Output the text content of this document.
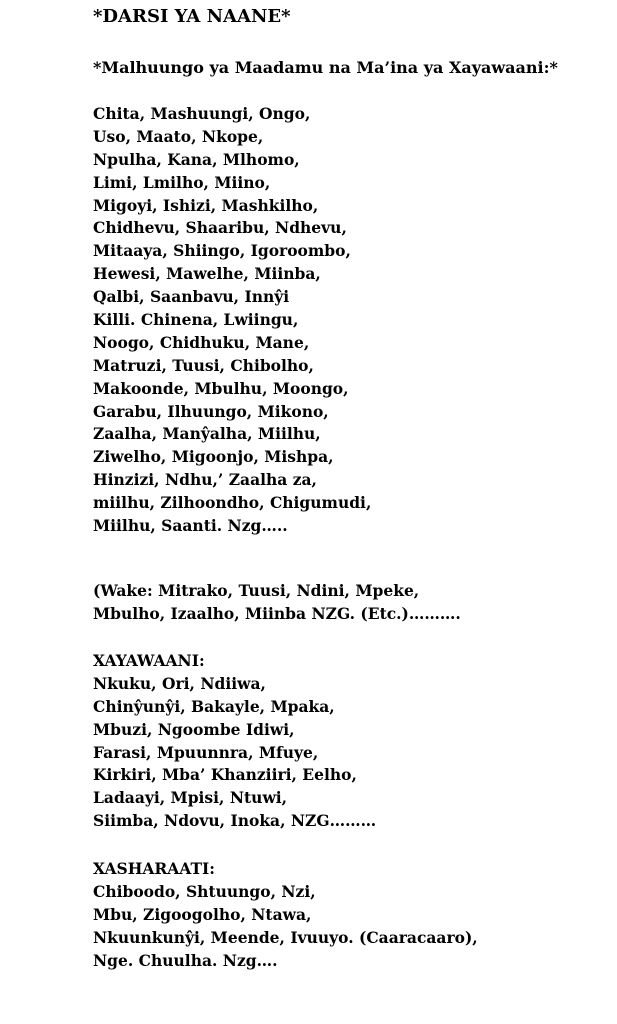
*DARSI YA NAANE*
*Malhuungo ya Maadamu na Ma’ina ya Xayawaani:*
Chita, Mashuungi, Ongo,
Uso, Maato, Nkope,
Npulha, Kana, Mlhomo,
Limi, Lmilho, Miino,
Migoyi, Ishizi, Mashkilho,
Chidhevu, Shaaribu, Ndhevu,
Mitaaya, Shiingo, Igoroombo,
Hewesi, Mawelhe, Miinba,
Qalbi, Saanbavu, Innŷi
Killi. Chinena, Lwiingu,
Noogo, Chidhuku, Mane,
Matruzi, Tuusi, Chibolho,
Makoonde, Mbulhu, Moongo,
Garabu, Ilhuungo, Mikono,
Zaalha, Manŷalha, Miilhu,
Ziwelho, Migoonjo, Mishpa,
Hinzizi, Ndhu,’ Zaalha za,
miilhu, Zilhoondho, Chigumudi,
Miilhu, Saanti. Nzg…..
(Wake: Mitrako, Tuusi, Ndini, Mpeke,
Mbulho, Izaalho, Miinba NZG. (Etc.)……….
XAYAWAANI:
Nkuku, Ori, Ndiiwa,
Chinŷunŷi, Bakayle, Mpaka,
Mbuzi, Ngoombe Idiwi,
Farasi, Mpuunnra, Mfuye,
Kirkiri, Mba’ Khanziiri, Eelho,
Ladaayi, Mpisi, Ntuwi,
Siimba, Ndovu, Inoka, NZG………
XASHARAATI:
Chiboodo, Shtuungo, Nzi,
Mbu, Zigoogolho, Ntawa,
Nkuunkunŷi, Meende, Ivuuyo. (Caaracaaro),
Nge. Chuulha. Nzg….
